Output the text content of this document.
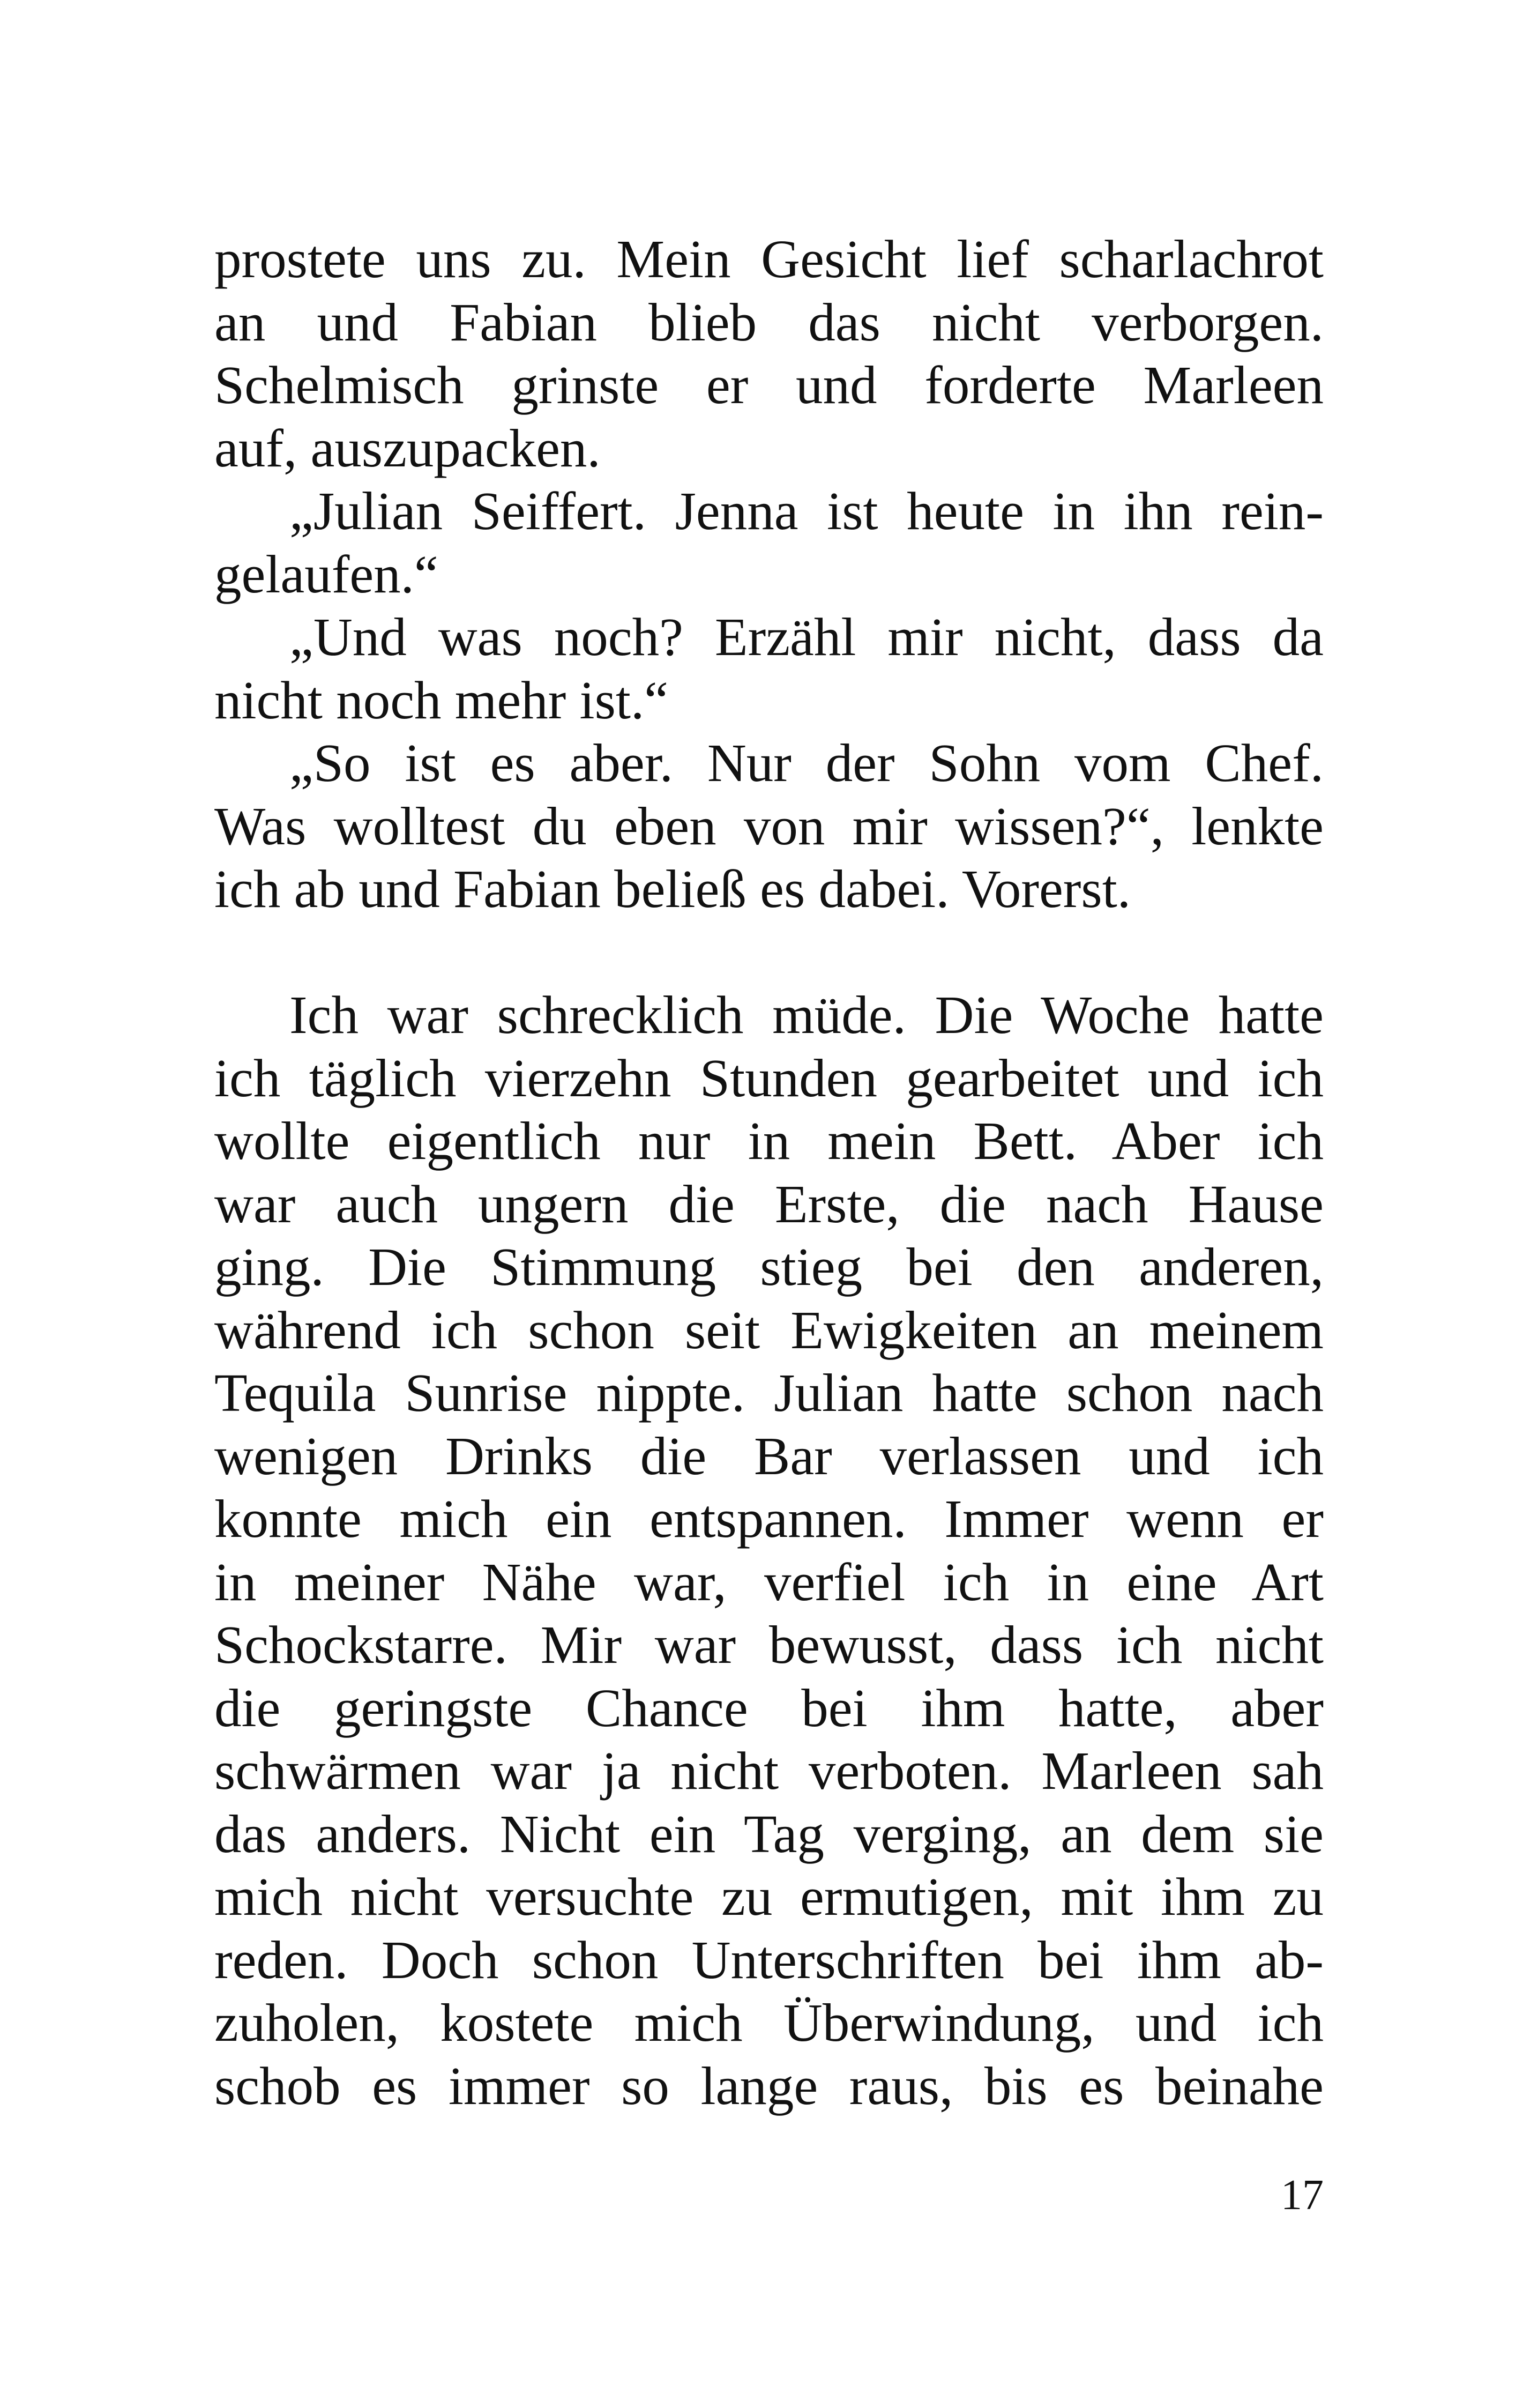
prostete uns zu. Mein Gesicht lief scharlachrot
an und Fabian blieb das nicht verborgen.
Schelmisch grinste er und forderte Marleen
auf, auszupacken.
„Julian Seiffert. Jenna ist heute in ihn rein-
gelaufen.“
„Und was noch? Erzähl mir nicht, dass da
nicht noch mehr ist.“
„So ist es aber. Nur der Sohn vom Chef.
Was wolltest du eben von mir wissen?“, lenkte
ich ab und Fabian beließ es dabei. Vorerst.
Ich war schrecklich müde. Die Woche hatte
ich täglich vierzehn Stunden gearbeitet und ich
wollte eigentlich nur in mein Bett. Aber ich
war auch ungern die Erste, die nach Hause
ging. Die Stimmung stieg bei den anderen,
während ich schon seit Ewigkeiten an meinem
Tequila Sunrise nippte. Julian hatte schon nach
wenigen Drinks die Bar verlassen und ich
konnte mich ein entspannen. Immer wenn er
in meiner Nähe war, verfiel ich in eine Art
Schockstarre. Mir war bewusst, dass ich nicht
die geringste Chance bei ihm hatte, aber
schwärmen war ja nicht verboten. Marleen sah
das anders. Nicht ein Tag verging, an dem sie
mich nicht versuchte zu ermutigen, mit ihm zu
reden. Doch schon Unterschriften bei ihm ab-
zuholen, kostete mich Überwindung, und ich
schob es immer so lange raus, bis es beinahe
17
